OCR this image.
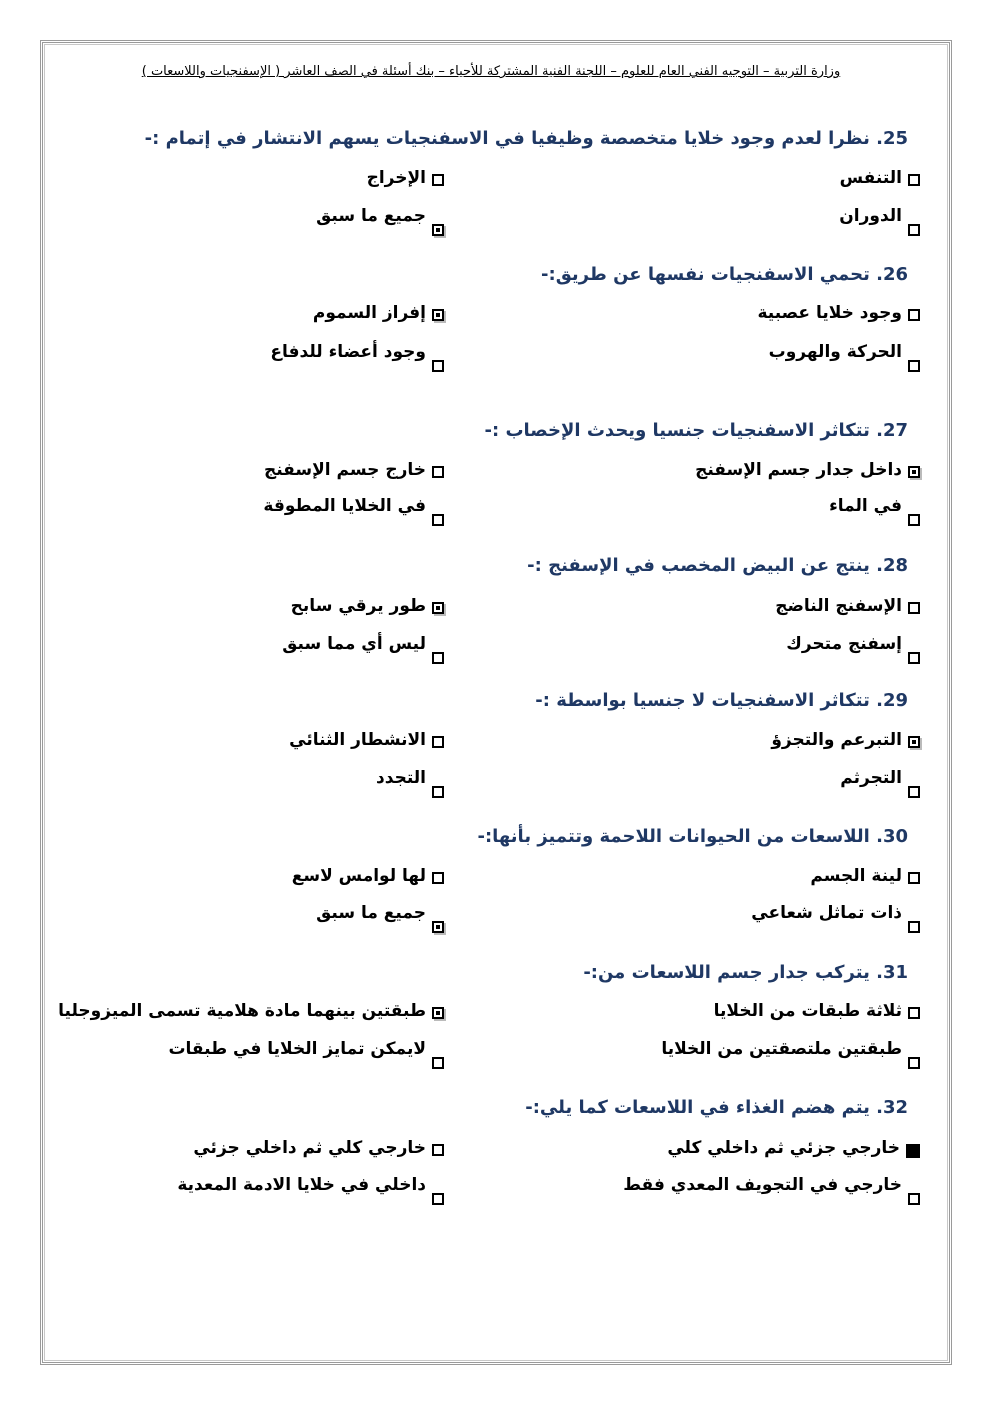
وزارة التربية – التوجيه الفني العام للعلوم – اللجنة الفنية المشتركة للأحياء – بنك أسئلة في الصف العاشر ( الإسفنجيات واللاسعات )
25. نظرا لعدم وجود خلايا متخصصة وظيفيا في الاسفنجيات يسهم الانتشار في إتمام :-
التنفس
الإخراج
الدوران
جميع ما سبق
26. تحمي الاسفنجيات نفسها عن طريق:-
وجود خلايا عصبية
إفراز السموم
الحركة والهروب
وجود أعضاء للدفاع
27. تتكاثر الاسفنجيات جنسيا ويحدث الإخصاب :-
داخل جدار جسم الإسفنج
خارج جسم الإسفنج
في الماء
في الخلايا المطوقة
28. ينتج عن البيض المخصب في الإسفنج :-
الإسفنج الناضج
طور يرقي سابح
إسفنج متحرك
ليس أي مما سبق
29. تتكاثر الاسفنجيات لا جنسيا بواسطة :-
التبرعم والتجزؤ
الانشطار الثنائي
التجرثم
التجدد
30. اللاسعات من الحيوانات اللاحمة وتتميز بأنها:-
لينة الجسم
لها لوامس لاسع
ذات تماثل شعاعي
جميع ما سبق
31. يتركب جدار جسم اللاسعات من:-
ثلاثة طبقات من الخلايا
طبقتين بينهما مادة هلامية تسمى الميزوجليا
طبقتين ملتصقتين من الخلايا
لايمكن تمايز الخلايا في طبقات
32. يتم هضم الغذاء في اللاسعات كما يلي:-
خارجي جزئي ثم داخلي كلي
خارجي كلي ثم داخلي جزئي
خارجي في التجويف المعدي فقط
داخلي في خلايا الادمة المعدية
